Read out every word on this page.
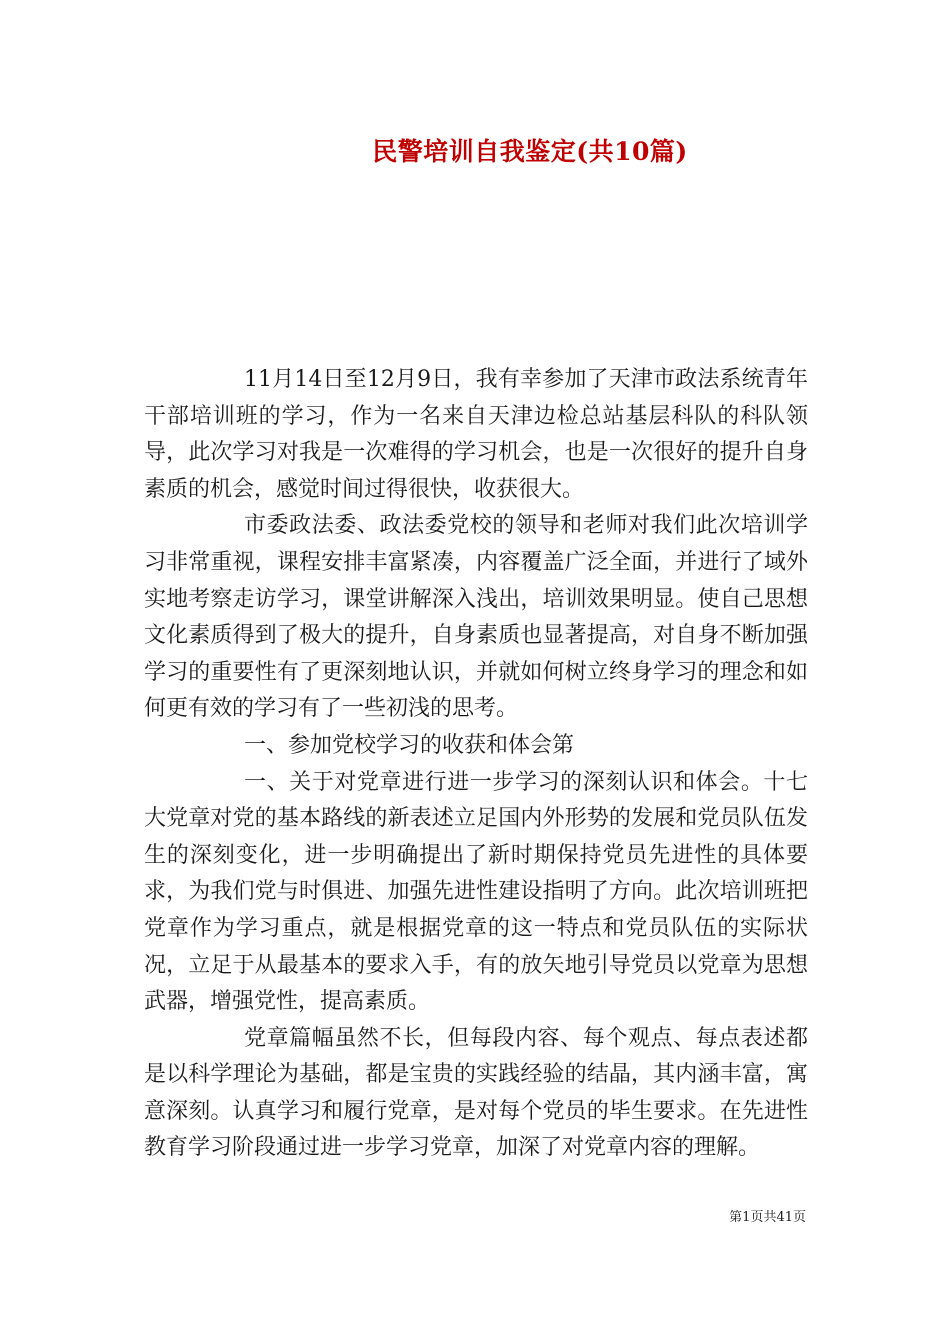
民警培训自我鉴定(共10篇)

11月14日至12月9日，我有幸参加了天津市政法系统青年干部培训班的学习，作为一名来自天津边检总站基层科队的科队领导，此次学习对我是一次难得的学习机会，也是一次很好的提升自身素质的机会，感觉时间过得很快，收获很大。

市委政法委、政法委党校的领导和老师对我们此次培训学习非常重视，课程安排丰富紧凑，内容覆盖广泛全面，并进行了域外实地考察走访学习，课堂讲解深入浅出，培训效果明显。使自己思想文化素质得到了极大的提升，自身素质也显著提高，对自身不断加强学习的重要性有了更深刻地认识，并就如何树立终身学习的理念和如何更有效的学习有了一些初浅的思考。

一、参加党校学习的收获和体会第

一、关于对党章进行进一步学习的深刻认识和体会。十七大党章对党的基本路线的新表述立足国内外形势的发展和党员队伍发生的深刻变化，进一步明确提出了新时期保持党员先进性的具体要求，为我们党与时俱进、加强先进性建设指明了方向。此次培训班把党章作为学习重点，就是根据党章的这一特点和党员队伍的实际状况，立足于从最基本的要求入手，有的放矢地引导党员以党章为思想武器，增强党性，提高素质。

党章篇幅虽然不长，但每段内容、每个观点、每点表述都是以科学理论为基础，都是宝贵的实践经验的结晶，其内涵丰富，寓意深刻。认真学习和履行党章，是对每个党员的毕生要求。在先进性教育学习阶段通过进一步学习党章，加深了对党章内容的理解。

第1页共41页
